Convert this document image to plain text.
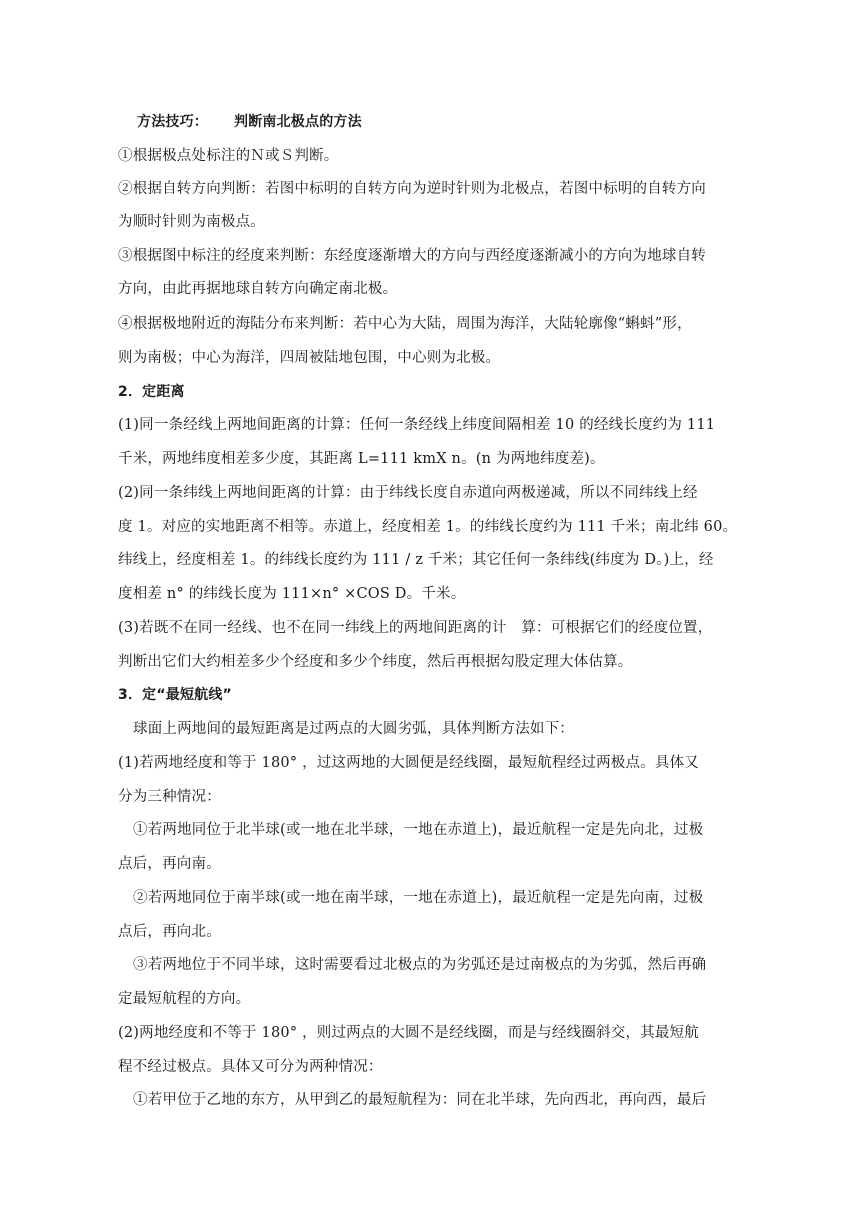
方法技巧： 判断南北极点的方法
①根据极点处标注的Ｎ或Ｓ判断。
②根据自转方向判断：若图中标明的自转方向为逆时针则为北极点，若图中标明的自转方向
为顺时针则为南极点。
③根据图中标注的经度来判断：东经度逐渐增大的方向与西经度逐渐减小的方向为地球自转
方向，由此再据地球自转方向确定南北极。
④根据极地附近的海陆分布来判断：若中心为大陆，周围为海洋，大陆轮廓像“蝌蚪”形，
则为南极；中心为海洋，四周被陆地包围，中心则为北极。
2．定距离
(1)同一条经线上两地间距离的计算：任何一条经线上纬度间隔相差 10 的经线长度约为 111
千米，两地纬度相差多少度，其距离 L=111 kmX n。(n 为两地纬度差)。
(2)同一条纬线上两地间距离的计算：由于纬线长度自赤道向两极递减，所以不同纬线上经
度 1。对应的实地距离不相等。赤道上，经度相差 1。的纬线长度约为 111 千米；南北纬 60。
纬线上，经度相差 1。的纬线长度约为 111 / z 千米；其它任何一条纬线(纬度为 D。)上，经
度相差 n° 的纬线长度为 111×n° ×COS D。千米。
(3)若既不在同一经线、也不在同一纬线上的两地间距离的计　算：可根据它们的经度位置，
判断出它们大约相差多少个经度和多少个纬度，然后再根据勾股定理大体估算。
3．定“最短航线”
球面上两地间的最短距离是过两点的大圆劣弧，具体判断方法如下：
(1)若两地经度和等于 180° ，过这两地的大圆便是经线圈，最短航程经过两极点。具体又
分为三种情况：
①若两地同位于北半球(或一地在北半球，一地在赤道上)，最近航程一定是先向北，过极
点后，再向南。
②若两地同位于南半球(或一地在南半球，一地在赤道上)，最近航程一定是先向南，过极
点后，再向北。
③若两地位于不同半球，这时需要看过北极点的为劣弧还是过南极点的为劣弧，然后再确
定最短航程的方向。
(2)两地经度和不等于 180° ，则过两点的大圆不是经线圈，而是与经线圈斜交，其最短航
程不经过极点。具体又可分为两种情况：
①若甲位于乙地的东方，从甲到乙的最短航程为：同在北半球，先向西北，再向西，最后
